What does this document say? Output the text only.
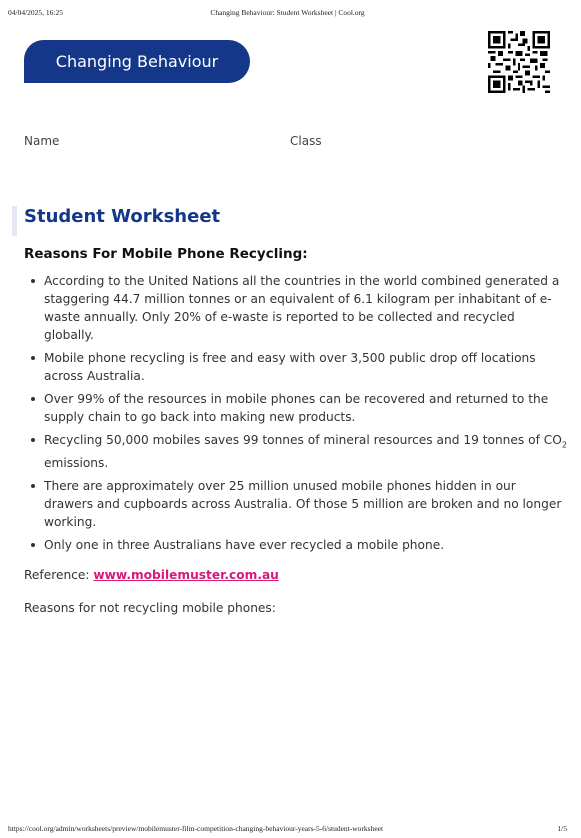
04/04/2025, 16:25	Changing Behaviour: Student Worksheet | Cool.org
Changing Behaviour
Name	Class
Student Worksheet
Reasons For Mobile Phone Recycling:
According to the United Nations all the countries in the world combined generated a staggering 44.7 million tonnes or an equivalent of 6.1 kilogram per inhabitant of e-waste annually. Only 20% of e-waste is reported to be collected and recycled globally.
Mobile phone recycling is free and easy with over 3,500 public drop off locations across Australia.
Over 99% of the resources in mobile phones can be recovered and returned to the supply chain to go back into making new products.
Recycling 50,000 mobiles saves 99 tonnes of mineral resources and 19 tonnes of $CO_2$ emissions.
There are approximately over 25 million unused mobile phones hidden in our drawers and cupboards across Australia. Of those 5 million are broken and no longer working.
Only one in three Australians have ever recycled a mobile phone.
Reference: www.mobilemuster.com.au
Reasons for not recycling mobile phones:
https://cool.org/admin/worksheets/preview/mobilemuster-film-competition-changing-behaviour-years-5-6/student-worksheet	1/5
